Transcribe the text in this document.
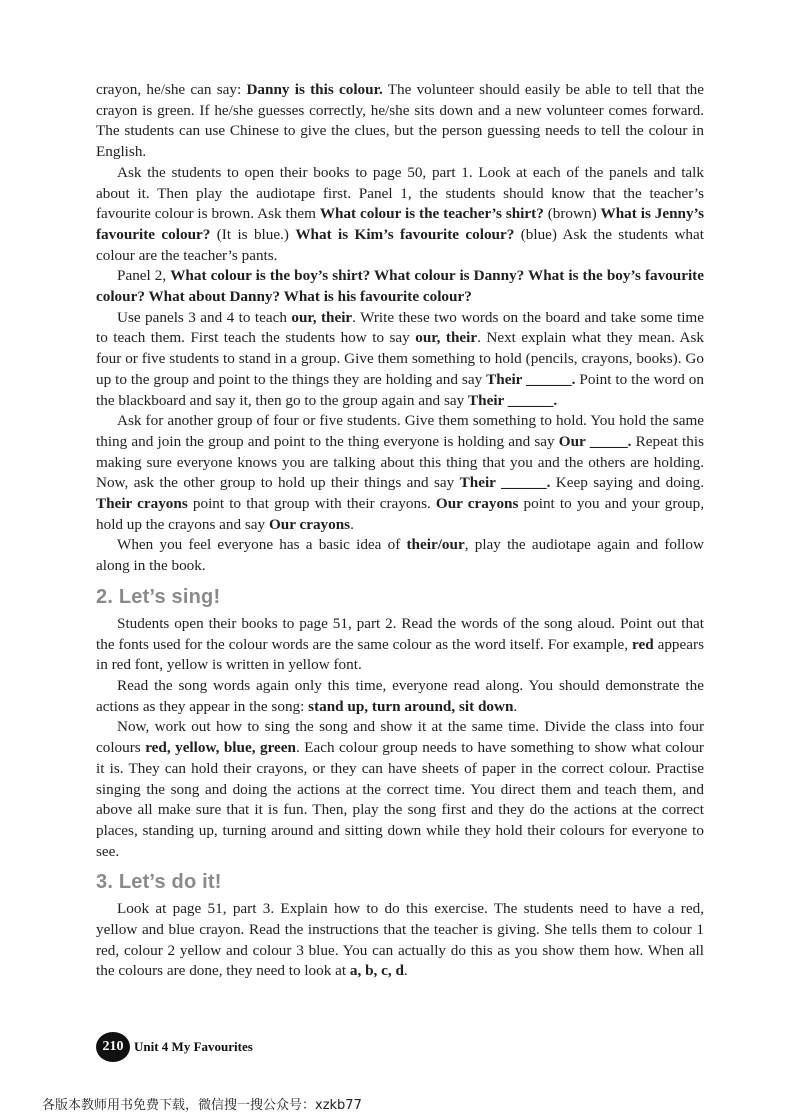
crayon, he/she can say: Danny is this colour. The volunteer should easily be able to tell that the crayon is green. If he/she guesses correctly, he/she sits down and a new volunteer comes forward. The students can use Chinese to give the clues, but the person guessing needs to tell the colour in English.

Ask the students to open their books to page 50, part 1. Look at each of the panels and talk about it. Then play the audiotape first. Panel 1, the students should know that the teacher’s favourite colour is brown. Ask them What colour is the teacher’s shirt? (brown) What is Jenny’s favourite colour? (It is blue.) What is Kim’s favourite colour? (blue) Ask the students what colour are the teacher’s pants.

Panel 2, What colour is the boy’s shirt? What colour is Danny? What is the boy’s favourite colour? What about Danny? What is his favourite colour?

Use panels 3 and 4 to teach our, their. Write these two words on the board and take some time to teach them. First teach the students how to say our, their. Next explain what they mean. Ask four or five students to stand in a group. Give them something to hold (pencils, crayons, books). Go up to the group and point to the things they are holding and say Their ______. Point to the word on the blackboard and say it, then go to the group again and say Their ______.

Ask for another group of four or five students. Give them something to hold. You hold the same thing and join the group and point to the thing everyone is holding and say Our _____. Repeat this making sure everyone knows you are talking about this thing that you and the others are holding. Now, ask the other group to hold up their things and say Their ______. Keep saying and doing. Their crayons point to that group with their crayons. Our crayons point to you and your group, hold up the crayons and say Our crayons.

When you feel everyone has a basic idea of their/our, play the audiotape again and follow along in the book.

2. Let’s sing!

Students open their books to page 51, part 2. Read the words of the song aloud. Point out that the fonts used for the colour words are the same colour as the word itself. For example, red appears in red font, yellow is written in yellow font.

Read the song words again only this time, everyone read along. You should demonstrate the actions as they appear in the song: stand up, turn around, sit down.

Now, work out how to sing the song and show it at the same time. Divide the class into four colours red, yellow, blue, green. Each colour group needs to have something to show what colour it is. They can hold their crayons, or they can have sheets of paper in the correct colour. Practise singing the song and doing the actions at the correct time. You direct them and teach them, and above all make sure that it is fun. Then, play the song first and they do the actions at the correct places, standing up, turning around and sitting down while they hold their colours for everyone to see.

3. Let’s do it!

Look at page 51, part 3. Explain how to do this exercise. The students need to have a red, yellow and blue crayon. Read the instructions that the teacher is giving. She tells them to colour 1 red, colour 2 yellow and colour 3 blue. You can actually do this as you show them how. When all the colours are done, they need to look at a, b, c, d.

210 Unit 4 My Favourites
各版本教师用书免费下载，微信搜一搜公众号：xzkb77
